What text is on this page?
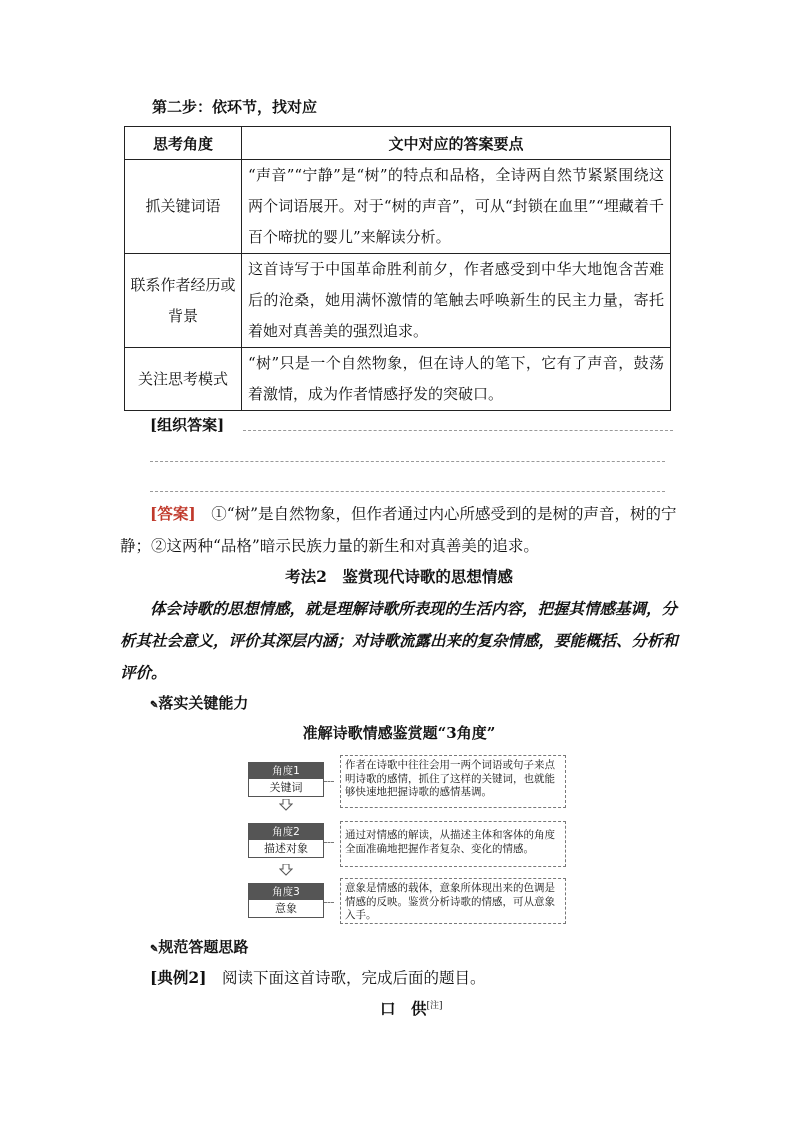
第二步：依环节，找对应
思考角度	文中对应的答案要点
抓关键词语	“声音”“宁静”是“树”的特点和品格，全诗两自然节紧紧围绕这两个词语展开。对于“树的声音”，可从“封锁在血里”“埋藏着千百个啼扰的婴儿”来解读分析。
联系作者经历或背景	这首诗写于中国革命胜利前夕，作者感受到中华大地饱含苦难后的沧桑，她用满怀激情的笔触去呼唤新生的民主力量，寄托着她对真善美的强烈追求。
关注思考模式	“树”只是一个自然物象，但在诗人的笔下，它有了声音，鼓荡着激情，成为作者情感抒发的突破口。
[组织答案]
[答案]　 ①“树”是自然物象，但作者通过内心所感受到的是树的声音，树的宁静；②这两种“品格”暗示民族力量的新生和对真善美的追求。
考法2　鉴赏现代诗歌的思想情感
体会诗歌的思想情感，就是理解诗歌所表现的生活内容，把握其情感基调，分析其社会意义，评价其深层内涵；对诗歌流露出来的复杂情感，要能概括、分析和评价。
✎落实关键能力
准解诗歌情感鉴赏题“3角度”
角度1
关键词
作者在诗歌中往往会用一两个词语或句子来点明诗歌的感情，抓住了这样的关键词，也就能够快速地把握诗歌的感情基调。
角度2
描述对象
通过对情感的解读，从描述主体和客体的角度全面准确地把握作者复杂、变化的情感。
角度3
意象
意象是情感的载体，意象所体现出来的色调是情感的反映。鉴赏分析诗歌的情感，可从意象入手。
✎规范答题思路
[典例2]　 阅读下面这首诗歌，完成后面的题目。
口　供[注]
